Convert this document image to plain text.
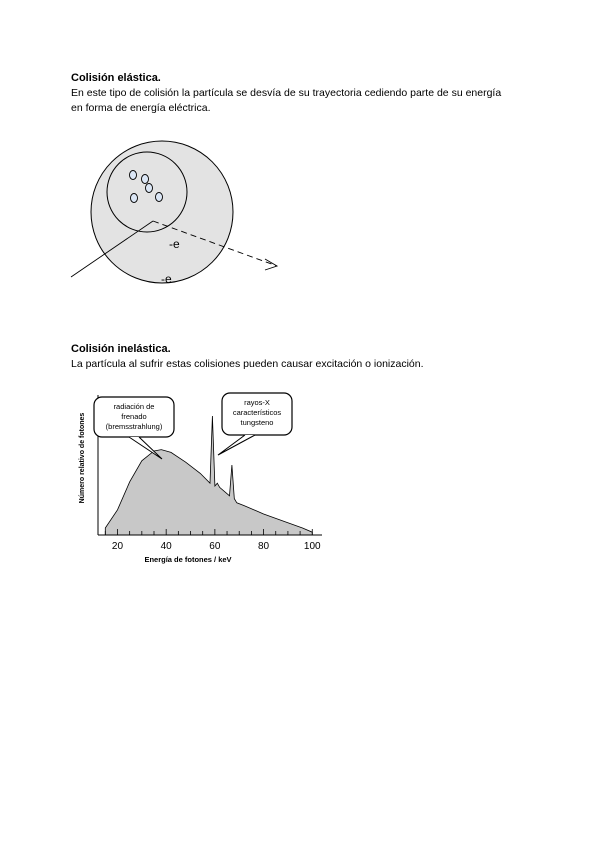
Colisión elástica.

En este tipo de colisión la partícula se desvía de su trayectoria cediendo parte de su energía
en forma de energía eléctrica.

-e
-e
Colisión inelástica.

La partícula al sufrir estas colisiones pueden causar excitación o ionización.

20	40	60	80	100
radiación de
frenado
(bremsstrahlung)
rayos-X
característicos
tungsteno
Energía de fotones / keV
Número relativo de fotones
